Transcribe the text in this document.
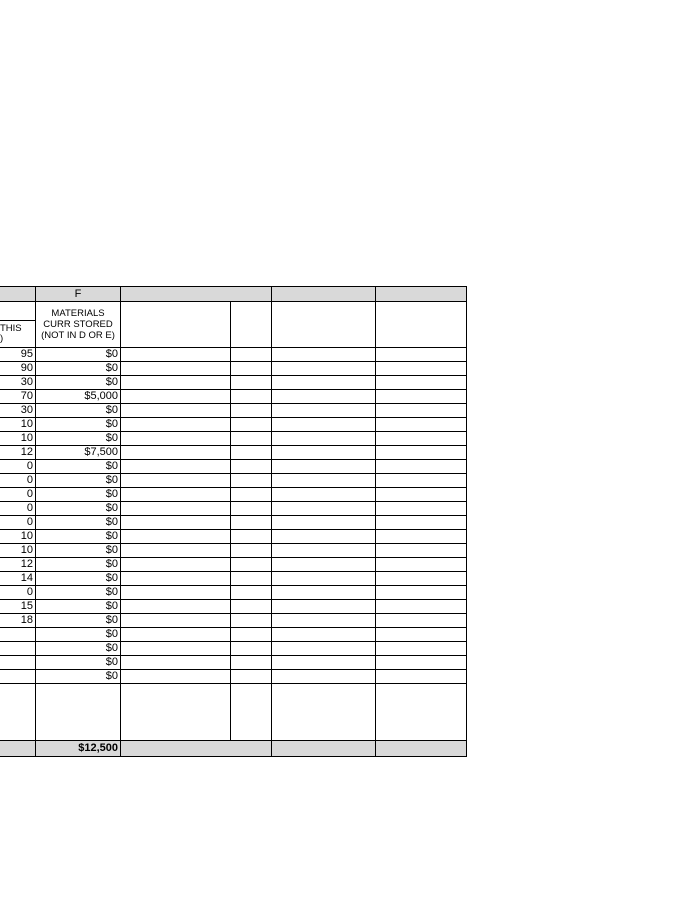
	F				

THIS
)	MATERIALS
CURR STORED
(NOT IN D OR E)				
95	$0				
90	$0				
30	$0				
70	$5,000				
30	$0				
10	$0				
10	$0				
12	$7,500				
0	$0				
0	$0				
0	$0				
0	$0				
0	$0				
10	$0				
10	$0				
12	$0				
14	$0				
0	$0				
15	$0				
18	$0				
	$0				
	$0				
	$0				
	$0				

	$12,500				
